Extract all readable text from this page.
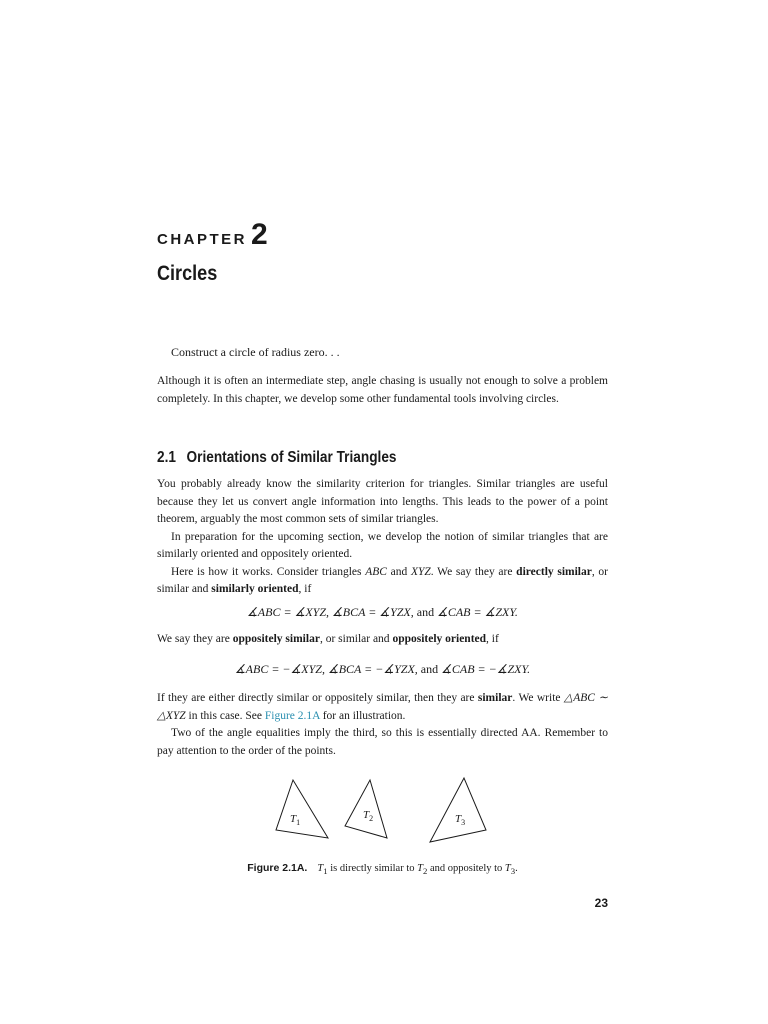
CHAPTER 2
Circles
Construct a circle of radius zero. . .

Although it is often an intermediate step, angle chasing is usually not enough to solve a problem completely. In this chapter, we develop some other fundamental tools involving circles.

2.1 Orientations of Similar Triangles

You probably already know the similarity criterion for triangles. Similar triangles are useful because they let us convert angle information into lengths. This leads to the power of a point theorem, arguably the most common sets of similar triangles.

In preparation for the upcoming section, we develop the notion of similar triangles that are similarly oriented and oppositely oriented.

Here is how it works. Consider triangles ABC and XYZ. We say they are directly similar, or similar and similarly oriented, if

∡ABC = ∡XYZ, ∡BCA = ∡YZX, and ∡CAB = ∡ZXY.

We say they are oppositely similar, or similar and oppositely oriented, if

∡ABC = −∡XYZ, ∡BCA = −∡YZX, and ∡CAB = −∡ZXY.

If they are either directly similar or oppositely similar, then they are similar. We write △ABC ∼ △XYZ in this case. See Figure 2.1A for an illustration.

Two of the angle equalities imply the third, so this is essentially directed AA. Remember to pay attention to the order of the points.

$T_1$
$T_2$	$T_3$
Figure 2.1A. $T_1$ is directly similar to $T_2$ and oppositely to $T_3$.
23
